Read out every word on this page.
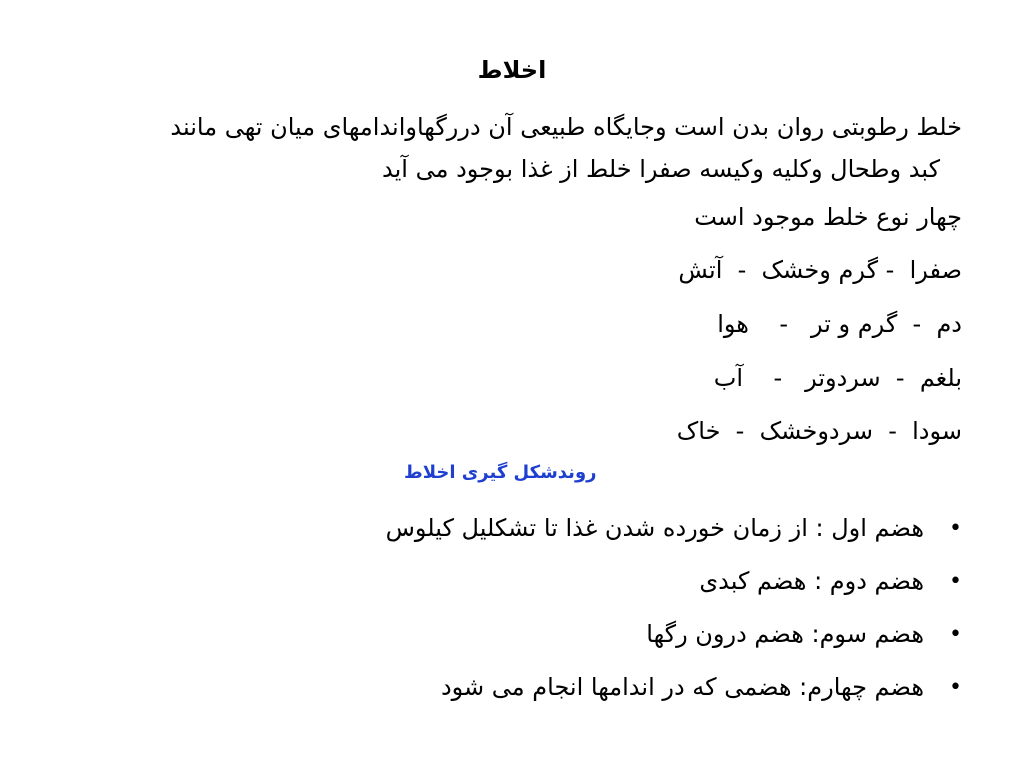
اخلاط
خلط رطوبتی روان بدن است وجایگاه طبیعی آن دررگهاواندامهای میان تهی مانند
کبد وطحال وکلیه وکیسه صفرا خلط از غذا بوجود می آید
چهار نوع خلط موجود است
صفرا  - گرم وخشک  -  آتش
دم  -  گرم و تر   -    هوا
بلغم  -  سردوتر   -    آب
سودا  -  سردوخشک  -  خاک
روندشکل گیری اخلاط
•
هضم اول : از زمان خورده شدن غذا تا تشکلیل کیلوس
•
هضم دوم : هضم کبدی
•
هضم سوم: هضم درون رگها
•
هضم چهارم: هضمی که در اندامها انجام می شود
